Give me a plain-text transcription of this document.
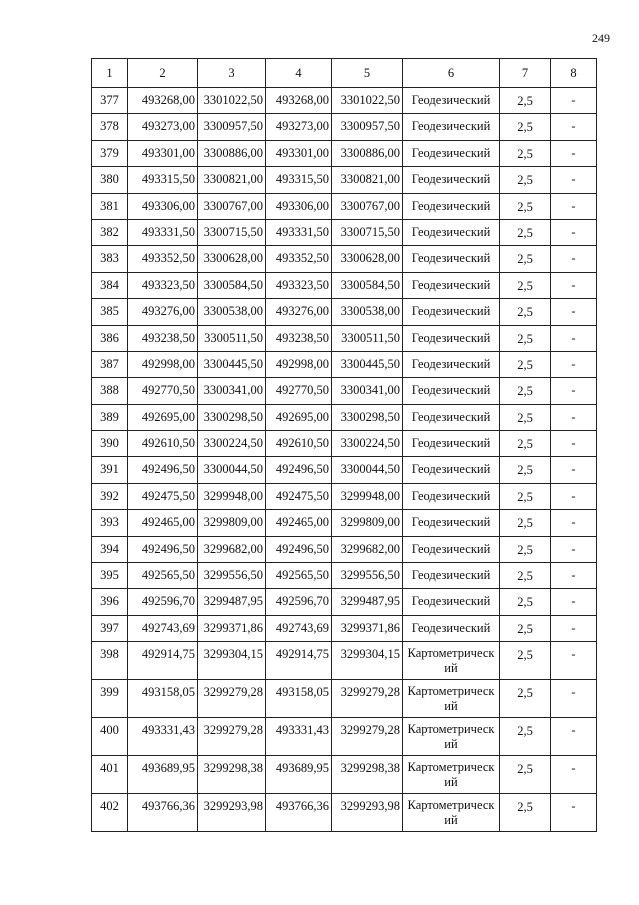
249
1	2	3	4	5	6	7	8
377	493268,00	3301022,50	493268,00	3301022,50	Геодезический	2,5	-
378	493273,00	3300957,50	493273,00	3300957,50	Геодезический	2,5	-
379	493301,00	3300886,00	493301,00	3300886,00	Геодезический	2,5	-
380	493315,50	3300821,00	493315,50	3300821,00	Геодезический	2,5	-
381	493306,00	3300767,00	493306,00	3300767,00	Геодезический	2,5	-
382	493331,50	3300715,50	493331,50	3300715,50	Геодезический	2,5	-
383	493352,50	3300628,00	493352,50	3300628,00	Геодезический	2,5	-
384	493323,50	3300584,50	493323,50	3300584,50	Геодезический	2,5	-
385	493276,00	3300538,00	493276,00	3300538,00	Геодезический	2,5	-
386	493238,50	3300511,50	493238,50	3300511,50	Геодезический	2,5	-
387	492998,00	3300445,50	492998,00	3300445,50	Геодезический	2,5	-
388	492770,50	3300341,00	492770,50	3300341,00	Геодезический	2,5	-
389	492695,00	3300298,50	492695,00	3300298,50	Геодезический	2,5	-
390	492610,50	3300224,50	492610,50	3300224,50	Геодезический	2,5	-
391	492496,50	3300044,50	492496,50	3300044,50	Геодезический	2,5	-
392	492475,50	3299948,00	492475,50	3299948,00	Геодезический	2,5	-
393	492465,00	3299809,00	492465,00	3299809,00	Геодезический	2,5	-
394	492496,50	3299682,00	492496,50	3299682,00	Геодезический	2,5	-
395	492565,50	3299556,50	492565,50	3299556,50	Геодезический	2,5	-
396	492596,70	3299487,95	492596,70	3299487,95	Геодезический	2,5	-
397	492743,69	3299371,86	492743,69	3299371,86	Геодезический	2,5	-
398	492914,75	3299304,15	492914,75	3299304,15	Картометрическ ий	2,5	-
399	493158,05	3299279,28	493158,05	3299279,28	Картометрическ ий	2,5	-
400	493331,43	3299279,28	493331,43	3299279,28	Картометрическ ий	2,5	-
401	493689,95	3299298,38	493689,95	3299298,38	Картометрическ ий	2,5	-
402	493766,36	3299293,98	493766,36	3299293,98	Картометрическ ий	2,5	-
